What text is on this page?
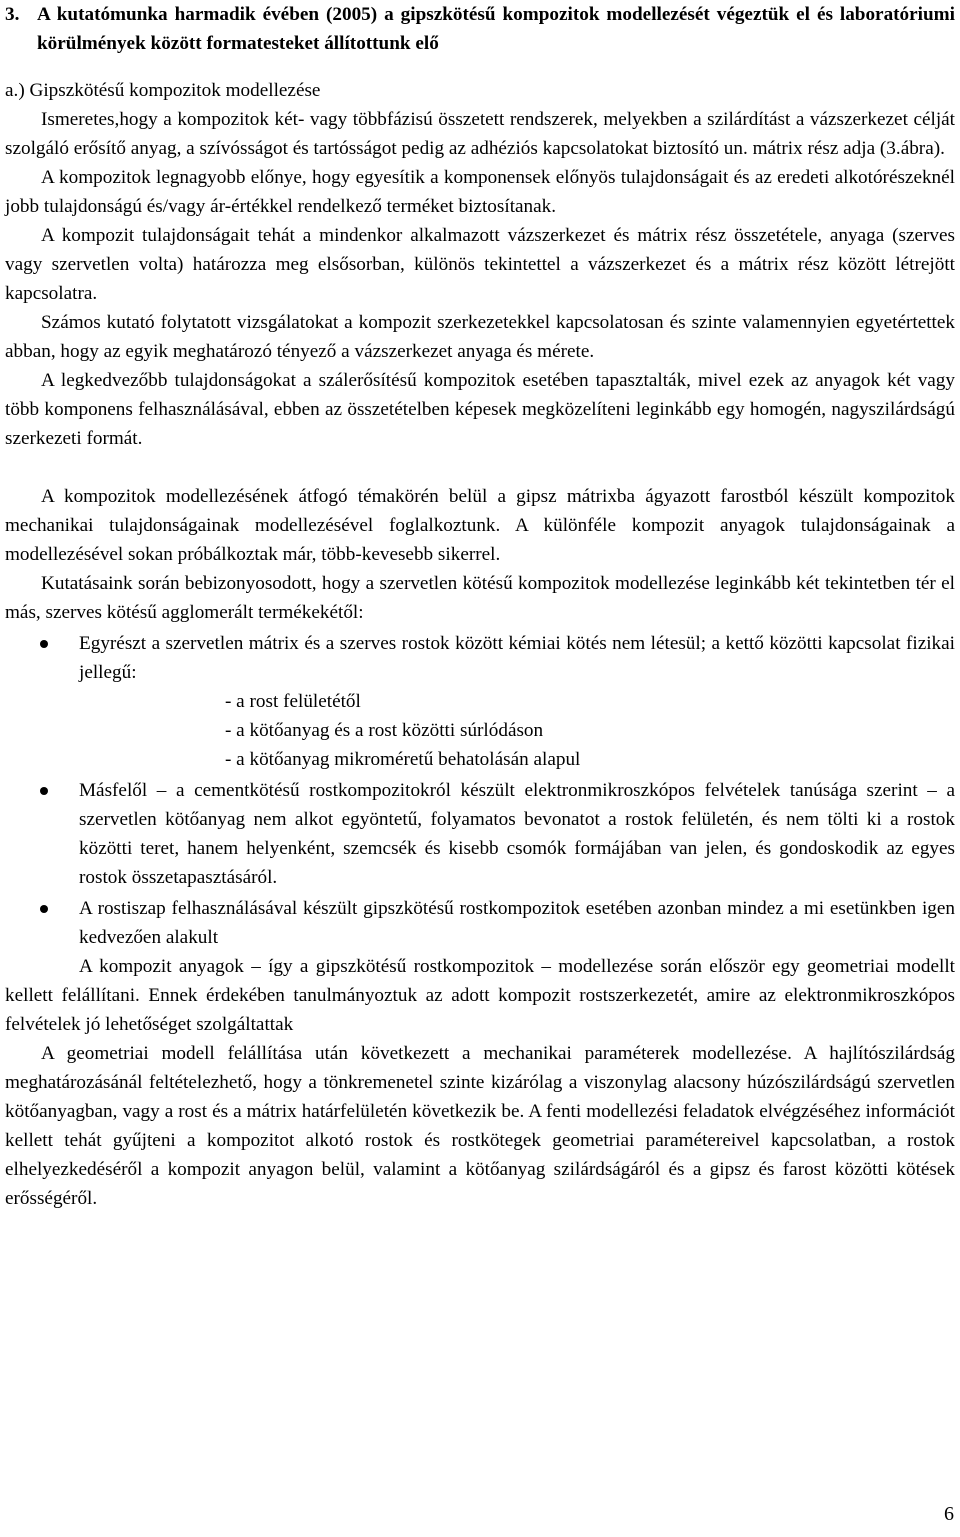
3. A kutatómunka harmadik évében (2005) a gipszkötésű kompozitok modellezését végeztük el és laboratóriumi körülmények között formatesteket állítottunk elő

a.) Gipszkötésű kompozitok modellezése

Ismeretes,hogy a kompozitok két- vagy többfázisú összetett rendszerek, melyekben a szilárdítást a vázszerkezet célját szolgáló erősítő anyag, a szívósságot és tartósságot pedig az adhéziós kapcsolatokat biztosító un. mátrix rész adja (3.ábra).

A kompozitok legnagyobb előnye, hogy egyesítik a komponensek előnyös tulajdonságait és az eredeti alkotórészeknél jobb tulajdonságú és/vagy ár-értékkel rendelkező terméket biztosítanak.

A kompozit tulajdonságait tehát a mindenkor alkalmazott vázszerkezet és mátrix rész összetétele, anyaga (szerves vagy szervetlen volta) határozza meg elsősorban, különös tekintettel a vázszerkezet és a mátrix rész között létrejött kapcsolatra.

Számos kutató folytatott vizsgálatokat a kompozit szerkezetekkel kapcsolatosan és szinte valamennyien egyetértettek abban, hogy az egyik meghatározó tényező a vázszerkezet anyaga és mérete.

A legkedvezőbb tulajdonságokat a szálerősítésű kompozitok esetében tapasztalták, mivel ezek az anyagok két vagy több komponens felhasználásával, ebben az összetételben képesek megközelíteni leginkább egy homogén, nagyszilárdságú szerkezeti formát.

A kompozitok modellezésének átfogó témakörén belül a gipsz mátrixba ágyazott farostból készült kompozitok mechanikai tulajdonságainak modellezésével foglalkoztunk. A különféle kompozit anyagok tulajdonságainak a modellezésével sokan próbálkoztak már, több-kevesebb sikerrel.

Kutatásaink során bebizonyosodott, hogy a szervetlen kötésű kompozitok modellezése leginkább két tekintetben tér el más, szerves kötésű agglomerált termékekétől:

Egyrészt a szervetlen mátrix és a szerves rostok között kémiai kötés nem létesül; a kettő közötti kapcsolat fizikai jellegű:
- a rost felületétől
- a kötőanyag és a rost közötti súrlódáson
- a kötőanyag mikroméretű behatolásán alapul
Másfelől – a cementkötésű rostkompozitokról készült elektronmikroszkópos felvételek tanúsága szerint – a szervetlen kötőanyag nem alkot egyöntetű, folyamatos bevonatot a rostok felületén, és nem tölti ki a rostok közötti teret, hanem helyenként, szemcsék és kisebb csomók formájában van jelen, és gondoskodik az egyes rostok összetapasztásáról.
A rostiszap felhasználásával készült gipszkötésű rostkompozitok esetében azonban mindez a mi esetünkben igen kedvezően alakult

A kompozit anyagok – így a gipszkötésű rostkompozitok – modellezése során először egy geometriai modellt kellett felállítani. Ennek érdekében tanulmányoztuk az adott kompozit rostszerkezetét, amire az elektronmikroszkópos felvételek jó lehetőséget szolgáltattak

A geometriai modell felállítása után következett a mechanikai paraméterek modellezése. A hajlítószilárdság meghatározásánál feltételezhető, hogy a tönkremenetel szinte kizárólag a viszonylag alacsony húzószilárdságú szervetlen kötőanyagban, vagy a rost és a mátrix határfelületén következik be. A fenti modellezési feladatok elvégzéséhez információt kellett tehát gyűjteni a kompozitot alkotó rostok és rostkötegek geometriai paramétereivel kapcsolatban, a rostok elhelyezkedéséről a kompozit anyagon belül, valamint a kötőanyag szilárdságáról és a gipsz és farost közötti kötések erősségéről.

6
